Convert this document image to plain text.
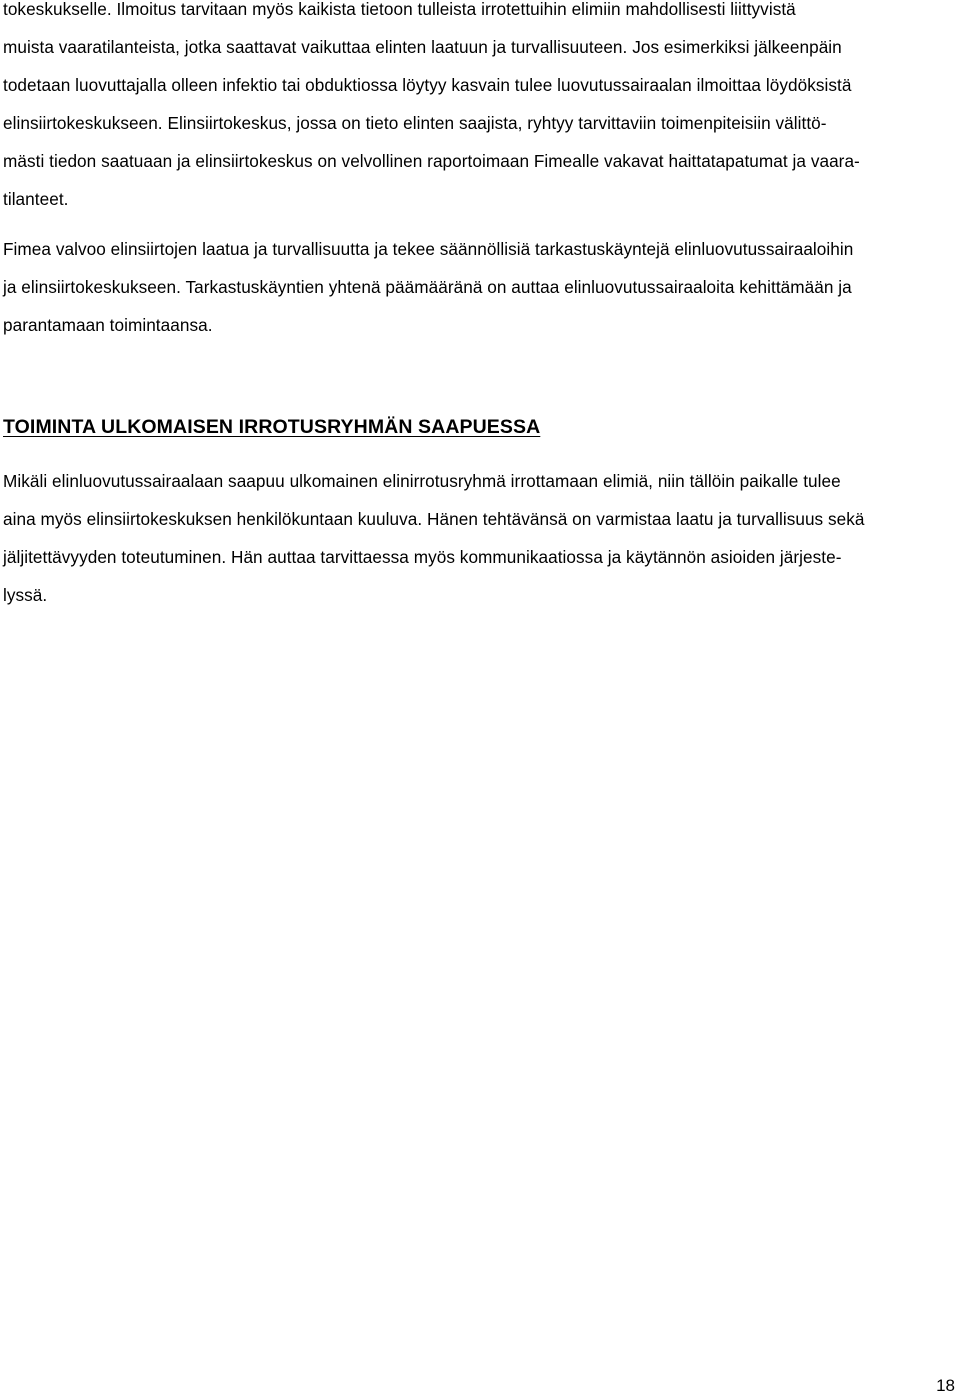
tokeskukselle. Ilmoitus tarvitaan myös kaikista tietoon tulleista irrotettuihin elimiin mahdollisesti liittyvistä
muista vaaratilanteista, jotka saattavat vaikuttaa elinten laatuun ja turvallisuuteen. Jos esimerkiksi jälkeenpäin
todetaan luovuttajalla olleen infektio tai obduktiossa löytyy kasvain tulee luovutussairaalan ilmoittaa löydöksistä
elinsiirtokeskukseen. Elinsiirtokeskus, jossa on tieto elinten saajista, ryhtyy tarvittaviin toimenpiteisiin välittö-
mästi tiedon saatuaan ja elinsiirtokeskus on velvollinen raportoimaan Fimealle vakavat haittatapatumat ja vaara-
tilanteet.
Fimea valvoo elinsiirtojen laatua ja turvallisuutta ja tekee säännöllisiä tarkastuskäyntejä elinluovutussairaaloihin
ja elinsiirtokeskukseen. Tarkastuskäyntien yhtenä päämääränä on auttaa elinluovutussairaaloita kehittämään ja
parantamaan toimintaansa.
TOIMINTA ULKOMAISEN IRROTUSRYHMÄN SAAPUESSA
Mikäli elinluovutussairaalaan saapuu ulkomainen elinirrotusryhmä irrottamaan elimiä, niin tällöin paikalle tulee
aina myös elinsiirtokeskuksen henkilökuntaan kuuluva. Hänen tehtävänsä on varmistaa laatu ja turvallisuus sekä
jäljitettävyyden toteutuminen. Hän auttaa tarvittaessa myös kommunikaatiossa ja käytännön asioiden järjeste-
lyssä.
18
